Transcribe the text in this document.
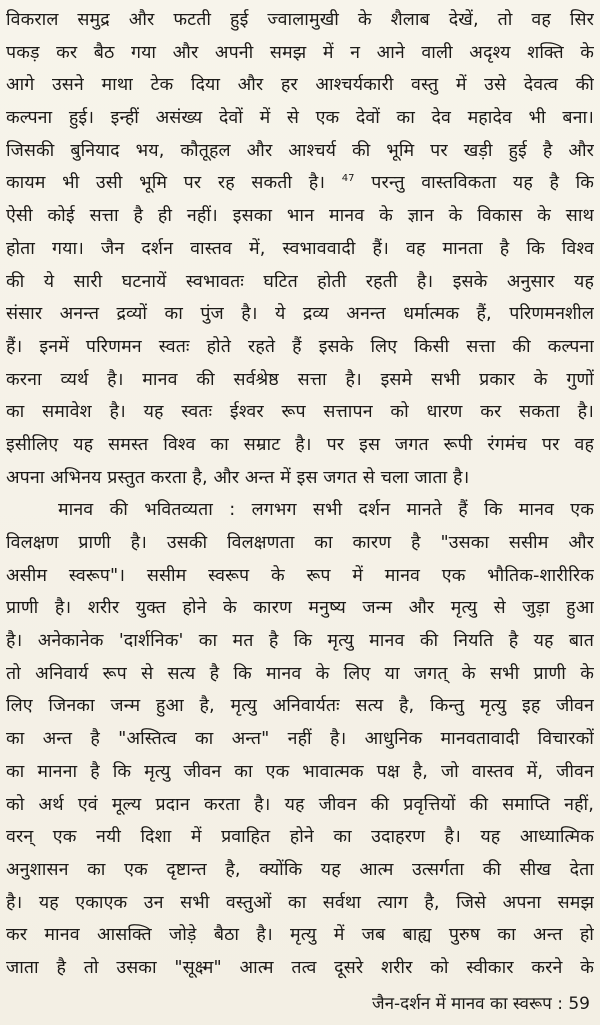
विकराल समुद्र और फटती हुई ज्वालामुखी के शैलाब देखें, तो वह सिर
पकड़ कर बैठ गया और अपनी समझ में न आने वाली अदृश्य शक्ति के
आगे उसने माथा टेक दिया और हर आश्चर्यकारी वस्तु में उसे देवत्व की
कल्पना हुई। इन्हीं असंख्य देवों में से एक देवों का देव महादेव भी बना।
जिसकी बुनियाद भय, कौतूहल और आश्चर्य की भूमि पर खड़ी हुई है और
कायम भी उसी भूमि पर रह सकती है। $^{47}$ परन्तु वास्तविकता यह है कि
ऐसी कोई सत्ता है ही नहीं। इसका भान मानव के ज्ञान के विकास के साथ
होता गया। जैन दर्शन वास्तव में, स्वभाववादी हैं। वह मानता है कि विश्व
की ये सारी घटनायें स्वभावतः घटित होती रहती है। इसके अनुसार यह
संसार अनन्त द्रव्यों का पुंज है। ये द्रव्य अनन्त धर्मात्मक हैं, परिणमनशील
हैं। इनमें परिणमन स्वतः होते रहते हैं इसके लिए किसी सत्ता की कल्पना
करना व्यर्थ है। मानव की सर्वश्रेष्ठ सत्ता है। इसमे सभी प्रकार के गुणों
का समावेश है। यह स्वतः ईश्वर रूप सत्तापन को धारण कर सकता है।
इसीलिए यह समस्त विश्व का सम्राट है। पर इस जगत रूपी रंगमंच पर वह
अपना अभिनय प्रस्तुत करता है, और अन्त में इस जगत से चला जाता है।
मानव की भवितव्यता : लगभग सभी दर्शन मानते हैं कि मानव एक
विलक्षण प्राणी है। उसकी विलक्षणता का कारण है "उसका ससीम और
असीम स्वरूप"। ससीम स्वरूप के रूप में मानव एक भौतिक-शारीरिक
प्राणी है। शरीर युक्त होने के कारण मनुष्य जन्म और मृत्यु से जुड़ा हुआ
है। अनेकानेक 'दार्शनिक' का मत है कि मृत्यु मानव की नियति है यह बात
तो अनिवार्य रूप से सत्य है कि मानव के लिए या जगत् के सभी प्राणी के
लिए जिनका जन्म हुआ है, मृत्यु अनिवार्यतः सत्य है, किन्तु मृत्यु इह जीवन
का अन्त है "अस्तित्व का अन्त" नहीं है। आधुनिक मानवतावादी विचारकों
का मानना है कि मृत्यु जीवन का एक भावात्मक पक्ष है, जो वास्तव में, जीवन
को अर्थ एवं मूल्य प्रदान करता है। यह जीवन की प्रवृत्तियों की समाप्ति नहीं,
वरन् एक नयी दिशा में प्रवाहित होने का उदाहरण है। यह आध्यात्मिक
अनुशासन का एक दृष्टान्त है, क्योंकि यह आत्म उत्सर्गता की सीख देता
है। यह एकाएक उन सभी वस्तुओं का सर्वथा त्याग है, जिसे अपना समझ
कर मानव आसक्ति जोड़े बैठा है। मृत्यु में जब बाह्य पुरुष का अन्त हो
जाता है तो उसका "सूक्ष्म" आत्म तत्व दूसरे शरीर को स्वीकार करने के
जैन-दर्शन में मानव का स्वरूप : 59
